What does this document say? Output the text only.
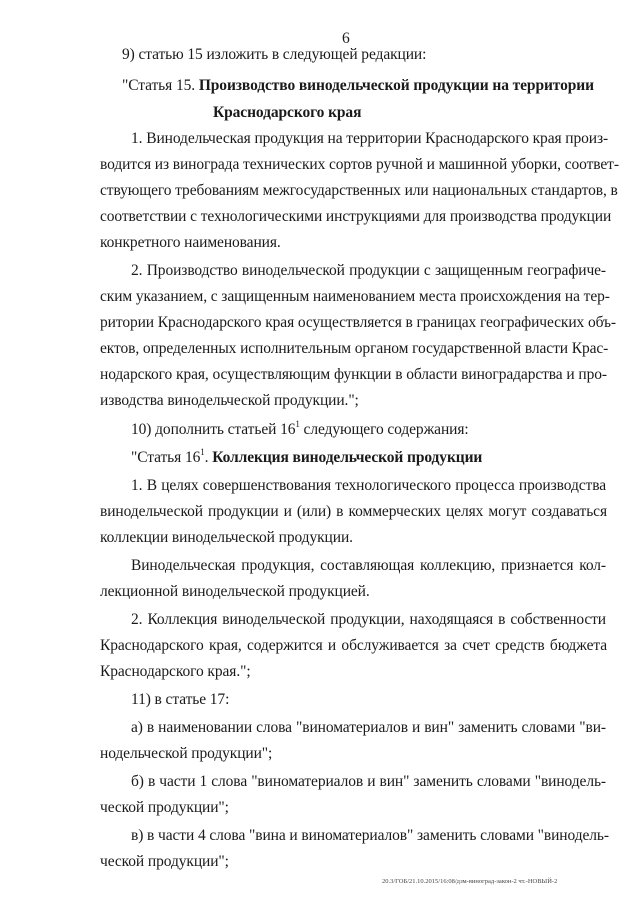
6
9) статью 15 изложить в следующей редакции:
"Статья 15. Производство винодельческой продукции на территории
Краснодарского края
1. Винодельческая продукция на территории Краснодарского края произ-
водится из винограда технических сортов ручной и машинной уборки, соответ-
ствующего требованиям межгосударственных или национальных стандартов, в
соответствии с технологическими инструкциями для производства продукции
конкретного наименования.
2. Производство винодельческой продукции с защищенным географиче-
ским указанием, с защищенным наименованием места происхождения на тер-
ритории Краснодарского края осуществляется в границах географических объ-
ектов, определенных исполнительным органом государственной власти Крас-
нодарского края, осуществляющим функции в области виноградарства и про-
изводства винодельческой продукции.";
10) дополнить статьей $16^1$ следующего содержания:
"Статья $16^1$. Коллекция винодельческой продукции
1. В целях совершенствования технологического процесса производства
винодельческой продукции и (или) в коммерческих целях могут создаваться
коллекции винодельческой продукции.
Винодельческая продукция, составляющая коллекцию, признается кол-
лекционной винодельческой продукцией.
2. Коллекция винодельческой продукции, находящаяся в собственности
Краснодарского края, содержится и обслуживается за счет средств бюджета
Краснодарского края.";
11) в статье 17:
а) в наименовании слова "виноматериалов и вин" заменить словами "ви-
нодельческой продукции";
б) в части 1 слова "виноматериалов и вин" заменить словами "винодель-
ческой продукции";
в) в части 4 слова "вина и виноматериалов" заменить словами "винодель-
ческой продукции";
20.3/ГОБ/21.10.2015/16:08/дзм-виноград-закон-2 чт.-НОВЫЙ-2
